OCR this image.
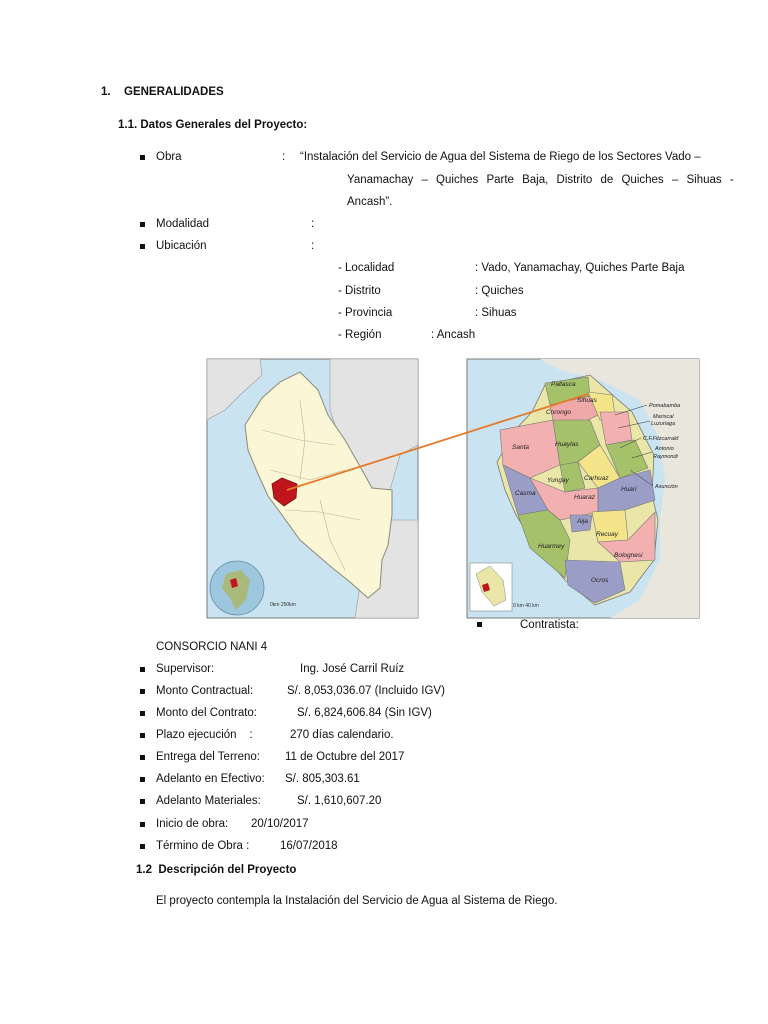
1. GENERALIDADES
1.1. Datos Generales del Proyecto:
Obra	: “Instalación del Servicio de Agua del Sistema de Riego de los Sectores Vado –
Yanamachay – Quiches Parte Baja, Distrito de Quiches – Sihuas -
Ancash”.
Modalidad	:
Ubicación	:
- Localidad	: Vado, Yanamachay, Quiches Parte Baja
- Distrito	: Quiches
- Provincia	: Sihuas
- Región	: Ancash
0km 250km
Pallasca
Sihuas
Corongo
Pomabamba
Mariscal
Luzuriaga
C.F.Fitzcarrald
Antonio
Raymondi
Santa	Huaylas
Yungay Carhuaz
Huari	Asunción
Casma
Huaraz
Aija
Recuay
Huarmey
Bolognesi
Ocros
0 km 40 km
Contratista:
CONSORCIO NANI 4
Supervisor:	Ing. José Carril Ruíz
Monto Contractual:	S/. 8,053,036.07 (Incluido IGV)
Monto del Contrato:	S/. 6,824,606.84 (Sin IGV)
Plazo ejecución    :	270 días calendario.
Entrega del Terreno: 11 de Octubre del 2017
Adelanto en Efectivo: S/. 805,303.61
Adelanto Materiales:	S/. 1,610,607.20
Inicio de obra: 20/10/2017
Término de Obra :	16/07/2018
1.2  Descripción del Proyecto
El proyecto contempla la Instalación del Servicio de Agua al Sistema de Riego.
